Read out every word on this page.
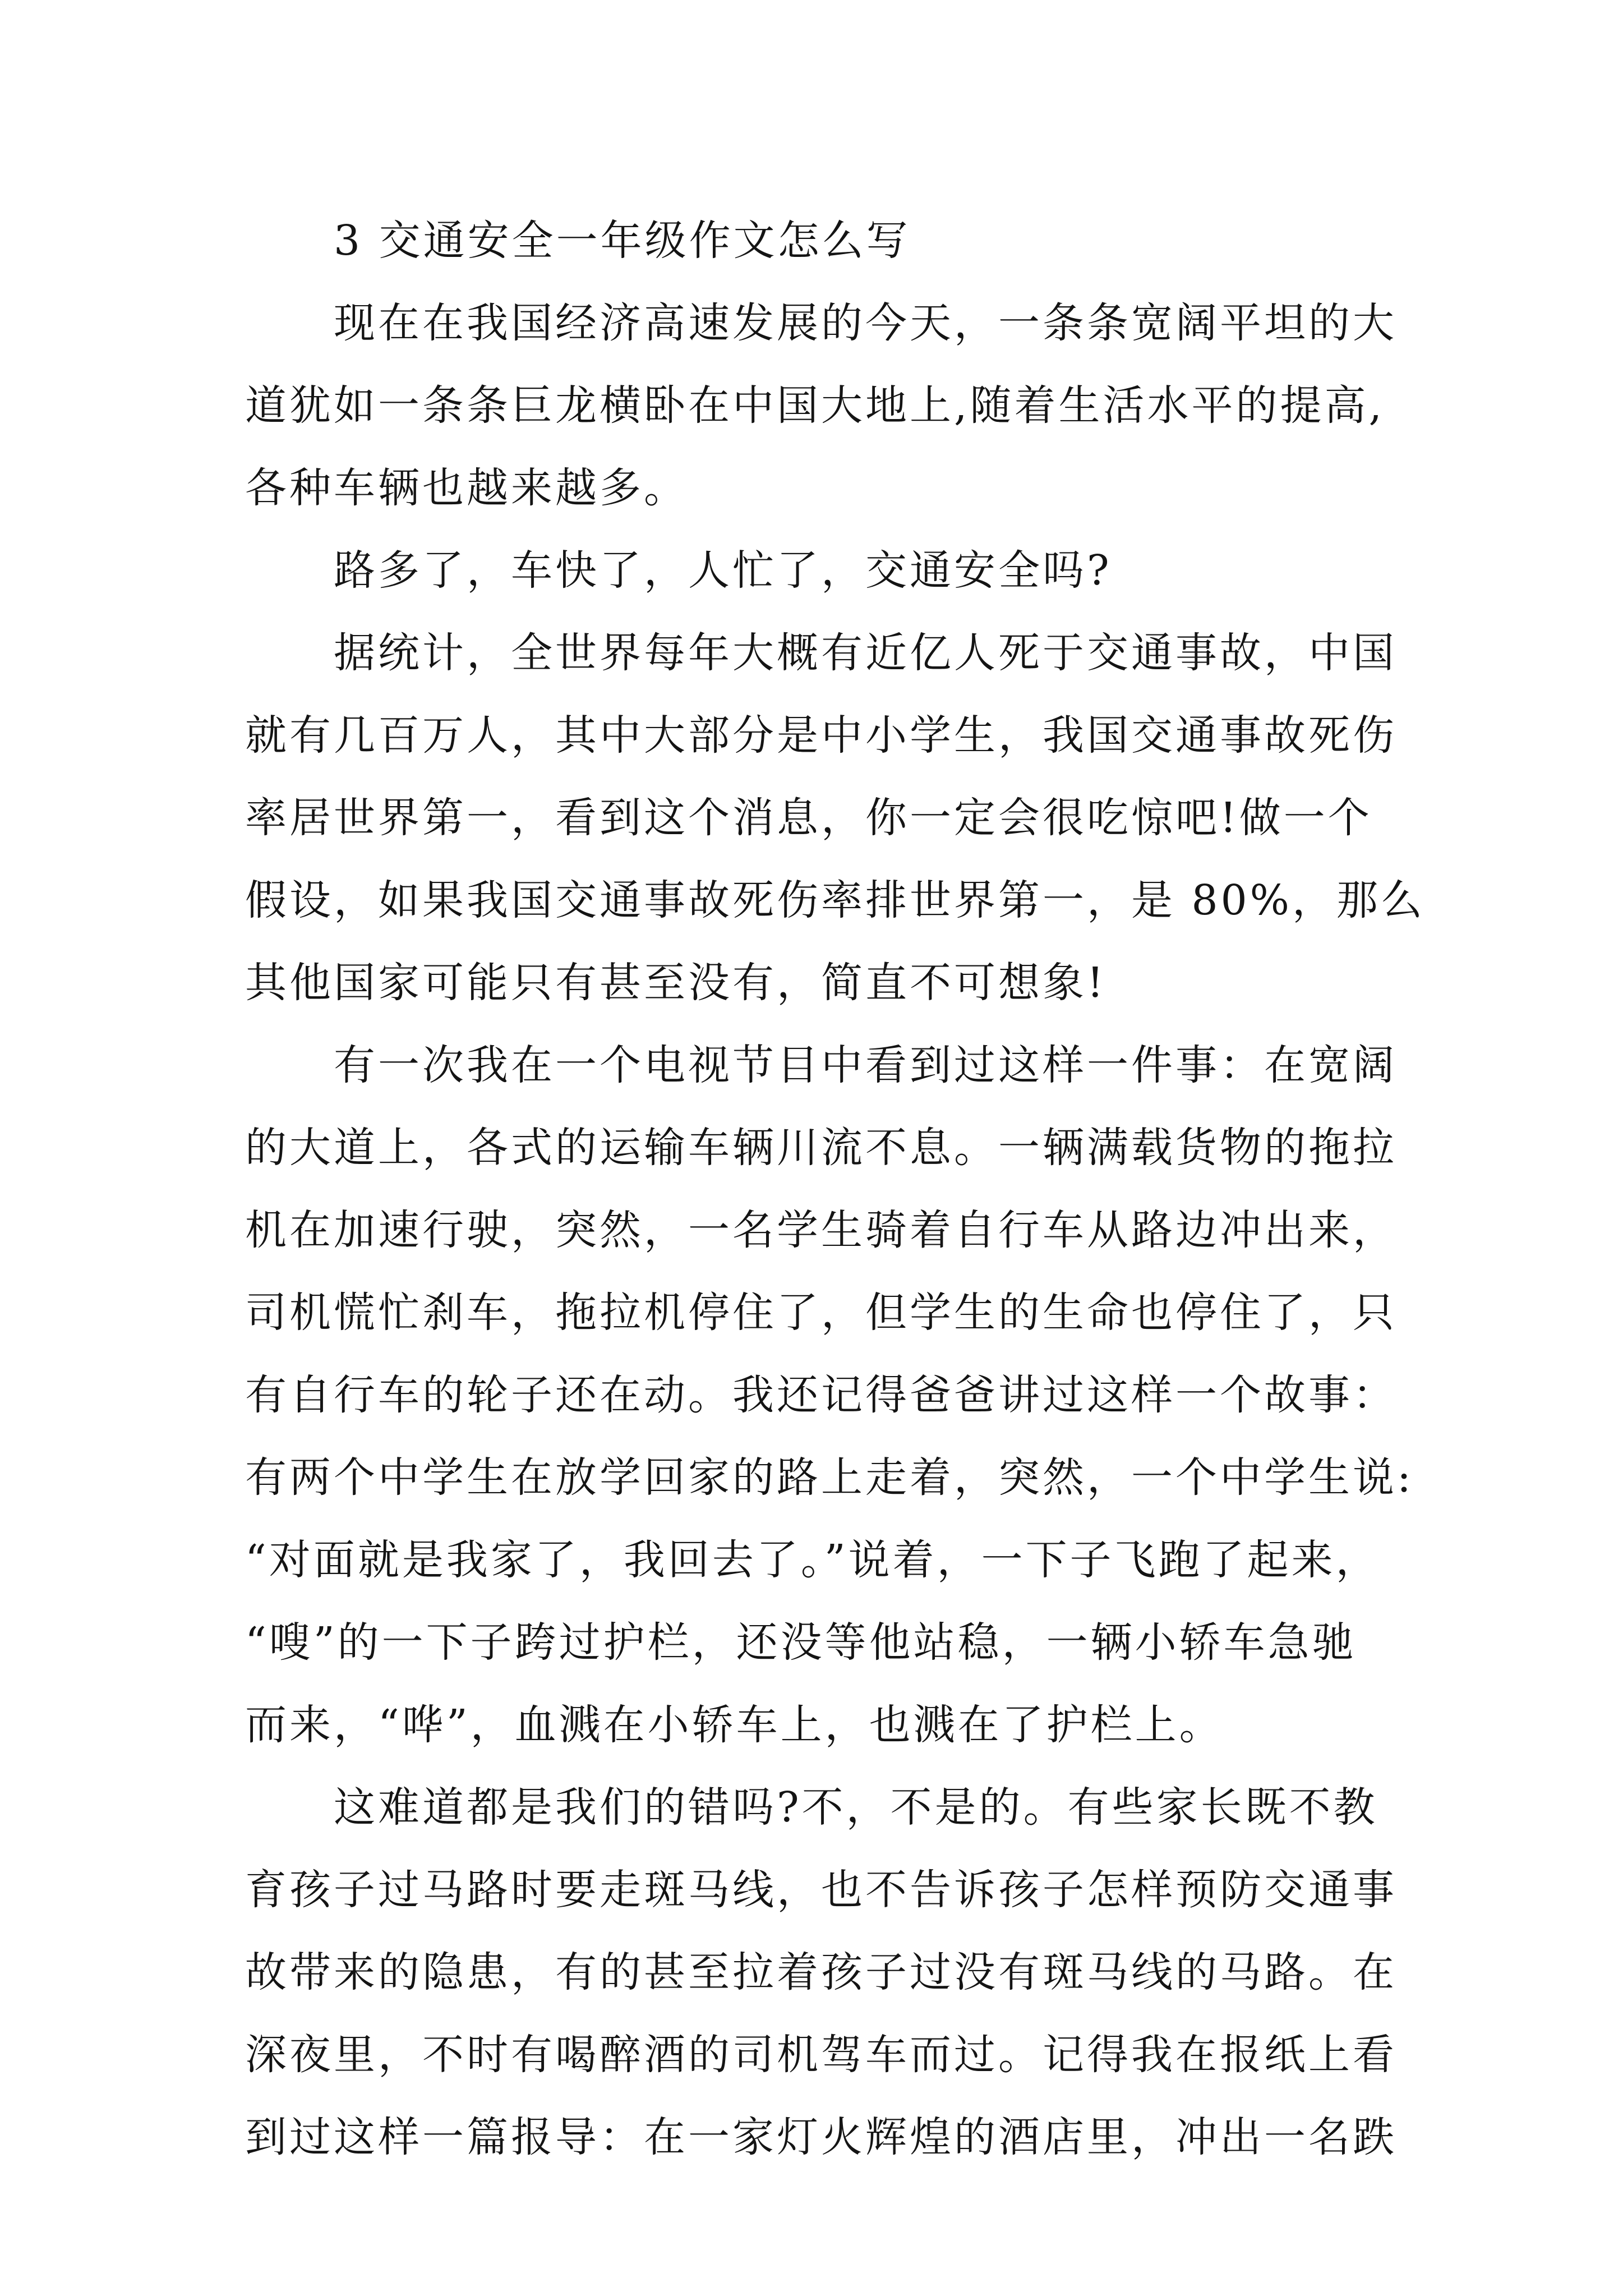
3 交通安全一年级作文怎么写
现在在我国经济高速发展的今天，一条条宽阔平坦的大
道犹如一条条巨龙横卧在中国大地上,随着生活水平的提高,
各种车辆也越来越多。
路多了，车快了，人忙了，交通安全吗?
据统计，全世界每年大概有近亿人死于交通事故，中国
就有几百万人，其中大部分是中小学生，我国交通事故死伤
率居世界第一，看到这个消息，你一定会很吃惊吧!做一个
假设，如果我国交通事故死伤率排世界第一，是 80%，那么
其他国家可能只有甚至没有，简直不可想象!
有一次我在一个电视节目中看到过这样一件事：在宽阔
的大道上，各式的运输车辆川流不息。一辆满载货物的拖拉
机在加速行驶，突然，一名学生骑着自行车从路边冲出来，
司机慌忙刹车，拖拉机停住了，但学生的生命也停住了，只
有自行车的轮子还在动。我还记得爸爸讲过这样一个故事：
有两个中学生在放学回家的路上走着，突然，一个中学生说:
“对面就是我家了，我回去了。”说着，一下子飞跑了起来，
“嗖”的一下子跨过护栏，还没等他站稳，一辆小轿车急驰
而来，“哗”，血溅在小轿车上，也溅在了护栏上。
这难道都是我们的错吗?不，不是的。有些家长既不教
育孩子过马路时要走斑马线，也不告诉孩子怎样预防交通事
故带来的隐患，有的甚至拉着孩子过没有斑马线的马路。在
深夜里，不时有喝醉酒的司机驾车而过。记得我在报纸上看
到过这样一篇报导：在一家灯火辉煌的酒店里，冲出一名跌
